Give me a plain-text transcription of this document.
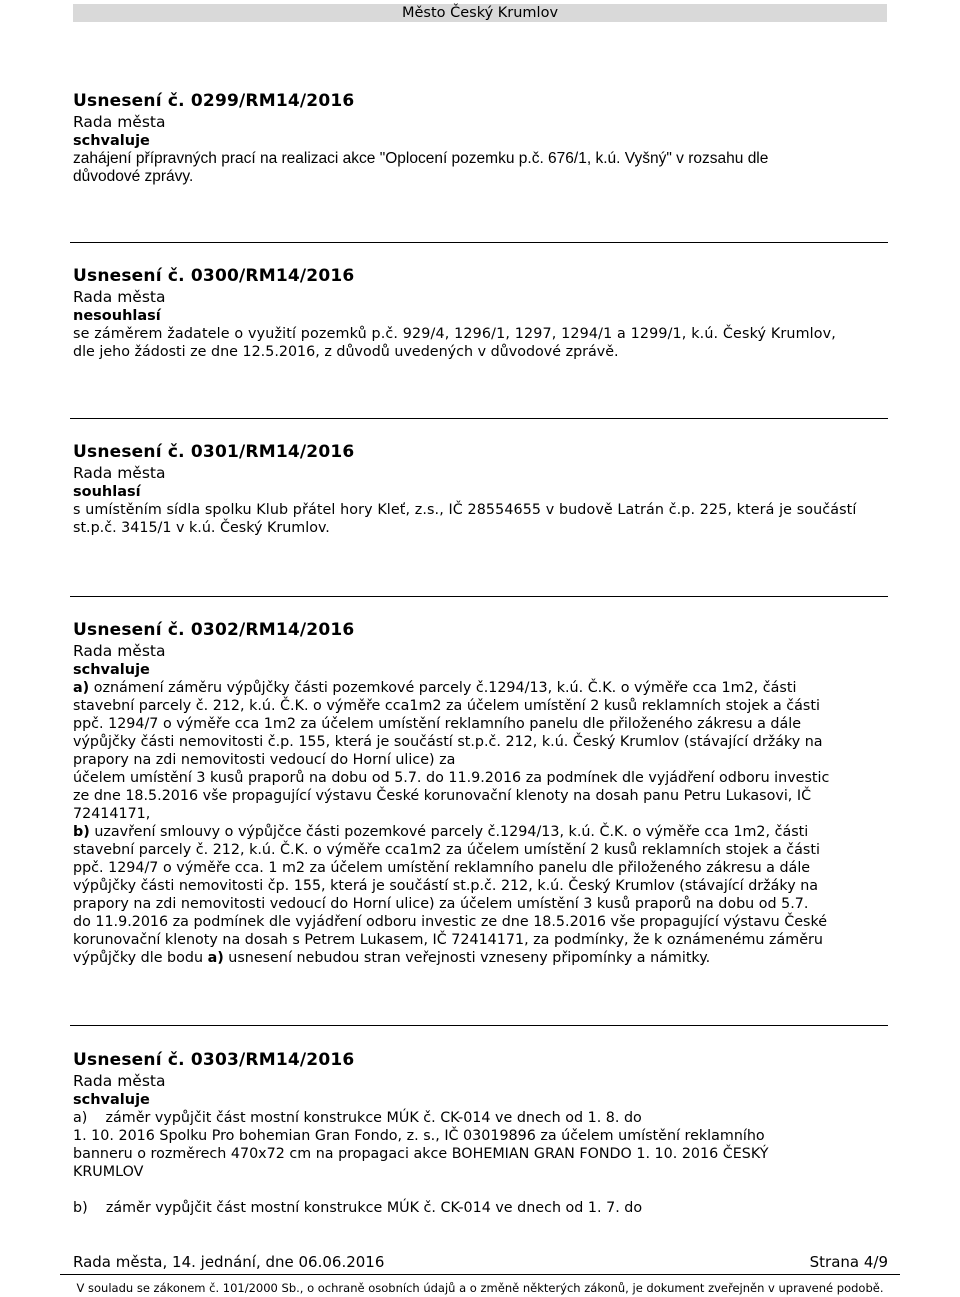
Město Český Krumlov
Usnesení č. 0299/RM14/2016
Rada města
schvaluje
zahájení přípravných prací na realizaci akce "Oplocení pozemku p.č. 676/1, k.ú. Vyšný" v rozsahu dle
důvodové zprávy.
Usnesení č. 0300/RM14/2016
Rada města
nesouhlasí
se záměrem žadatele o využití pozemků p.č. 929/4, 1296/1, 1297, 1294/1 a 1299/1, k.ú. Český Krumlov,
dle jeho žádosti ze dne 12.5.2016, z důvodů uvedených v důvodové zprávě.
Usnesení č. 0301/RM14/2016
Rada města
souhlasí
s umístěním sídla spolku Klub přátel hory Kleť, z.s., IČ 28554655 v budově Latrán č.p. 225, která je součástí
st.p.č. 3415/1 v k.ú. Český Krumlov.
Usnesení č. 0302/RM14/2016
Rada města
schvaluje
a) oznámení záměru výpůjčky části pozemkové parcely č.1294/13, k.ú. Č.K. o výměře cca 1m2, části
stavební parcely č. 212, k.ú. Č.K. o výměře cca1m2 za účelem umístění 2 kusů reklamních stojek a části
ppč. 1294/7 o výměře cca 1m2 za účelem umístění reklamního panelu dle přiloženého zákresu a dále
výpůjčky části nemovitosti č.p. 155, která je součástí st.p.č. 212, k.ú. Český Krumlov (stávající držáky na
prapory na zdi nemovitosti vedoucí do Horní ulice) za
účelem umístění 3 kusů praporů na dobu od 5.7. do 11.9.2016 za podmínek dle vyjádření odboru investic
ze dne 18.5.2016 vše propagující výstavu České korunovační klenoty na dosah panu Petru Lukasovi, IČ
72414171,
b) uzavření smlouvy o výpůjčce části pozemkové parcely č.1294/13, k.ú. Č.K. o výměře cca 1m2, části
stavební parcely č. 212, k.ú. Č.K. o výměře cca1m2 za účelem umístění 2 kusů reklamních stojek a části
ppč. 1294/7 o výměře cca. 1 m2 za účelem umístění reklamního panelu dle přiloženého zákresu a dále
výpůjčky části nemovitosti čp. 155, která je součástí st.p.č. 212, k.ú. Český Krumlov (stávající držáky na
prapory na zdi nemovitosti vedoucí do Horní ulice) za účelem umístění 3 kusů praporů na dobu od 5.7.
do 11.9.2016 za podmínek dle vyjádření odboru investic ze dne 18.5.2016 vše propagující výstavu České
korunovační klenoty na dosah s Petrem Lukasem, IČ 72414171, za podmínky, že k oznámenému záměru
výpůjčky dle bodu a) usnesení nebudou stran veřejnosti vzneseny připomínky a námitky.
Usnesení č. 0303/RM14/2016
Rada města
schvaluje
a)    záměr vypůjčit část mostní konstrukce MÚK č. CK-014 ve dnech od 1. 8. do
1. 10. 2016 Spolku Pro bohemian Gran Fondo, z. s., IČ 03019896 za účelem umístění reklamního
banneru o rozměrech 470x72 cm na propagaci akce BOHEMIAN GRAN FONDO 1. 10. 2016 ČESKÝ
KRUMLOV
b)    záměr vypůjčit část mostní konstrukce MÚK č. CK-014 ve dnech od 1. 7. do
Rada města, 14. jednání, dne 06.06.2016	Strana 4/9
V souladu se zákonem č. 101/2000 Sb., o ochraně osobních údajů a o změně některých zákonů, je dokument zveřejněn v upravené podobě.
